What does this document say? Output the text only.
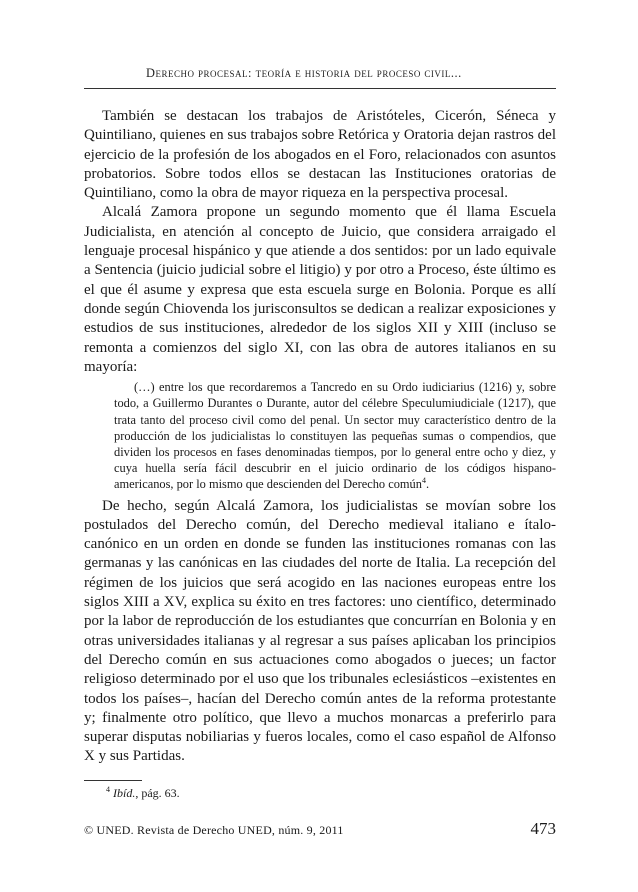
Derecho procesal: teoría e historia del proceso civil...

También se destacan los trabajos de Aristóteles, Cicerón, Séneca y Quintiliano, quienes en sus trabajos sobre Retórica y Oratoria dejan rastros del ejercicio de la profesión de los abogados en el Foro, relacionados con asuntos probatorios. Sobre todos ellos se destacan las Instituciones oratorias de Quintiliano, como la obra de mayor riqueza en la perspectiva procesal.

Alcalá Zamora propone un segundo momento que él llama Escuela Judicialista, en atención al concepto de Juicio, que considera arraigado el lenguaje procesal hispánico y que atiende a dos sentidos: por un lado equivale a Sentencia (juicio judicial sobre el litigio) y por otro a Proceso, éste último es el que él asume y expresa que esta escuela surge en Bolonia. Porque es allí donde según Chiovenda los jurisconsultos se dedican a realizar exposiciones y estudios de sus instituciones, alrededor de los siglos XII y XIII (incluso se remonta a comienzos del siglo XI, con las obra de autores italianos en su mayoría:

(…) entre los que recordaremos a Tancredo en su Ordo iudiciarius (1216) y, sobre todo, a Guillermo Durantes o Durante, autor del célebre Speculumiudiciale (1217), que trata tanto del proceso civil como del penal. Un sector muy característico dentro de la producción de los judicialistas lo constituyen las pequeñas sumas o compendios, que dividen los procesos en fases denominadas tiempos, por lo general entre ocho y diez, y cuya huella sería fácil descubrir en el juicio ordinario de los códigos hispano-americanos, por lo mismo que descienden del Derecho común$^4$.

De hecho, según Alcalá Zamora, los judicialistas se movían sobre los postulados del Derecho común, del Derecho medieval italiano e ítalo-canónico en un orden en donde se funden las instituciones romanas con las germanas y las canónicas en las ciudades del norte de Italia. La recepción del régimen de los juicios que será acogido en las naciones europeas entre los siglos XIII a XV, explica su éxito en tres factores: uno científico, determinado por la labor de reproducción de los estudiantes que concurrían en Bolonia y en otras universidades italianas y al regresar a sus países aplicaban los principios del Derecho común en sus actuaciones como abogados o jueces; un factor religioso determinado por el uso que los tribunales eclesiásticos –existentes en todos los países–, hacían del Derecho común antes de la reforma protestante y; finalmente otro político, que llevo a muchos monarcas a preferirlo para superar disputas nobiliarias y fueros locales, como el caso español de Alfonso X y sus Partidas.

$^4$ Ibíd., pág. 63.
© UNED. Revista de Derecho UNED, núm. 9, 2011	473
